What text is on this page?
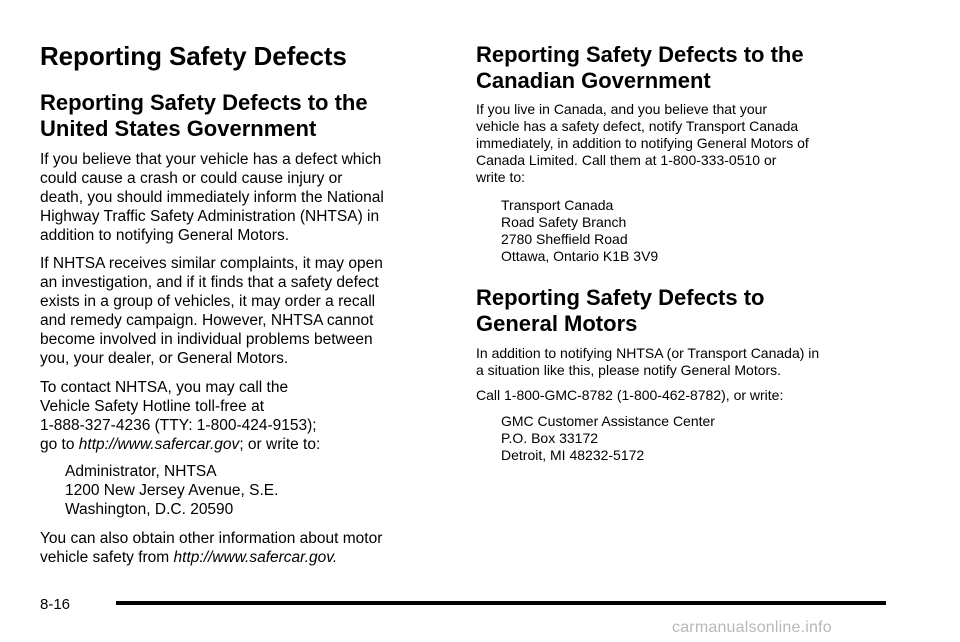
Reporting Safety Defects
Reporting Safety Defects to the
United States Government

If you believe that your vehicle has a defect which
could cause a crash or could cause injury or
death, you should immediately inform the National
Highway Traffic Safety Administration (NHTSA) in
addition to notifying General Motors.

If NHTSA receives similar complaints, it may open
an investigation, and if it finds that a safety defect
exists in a group of vehicles, it may order a recall
and remedy campaign. However, NHTSA cannot
become involved in individual problems between
you, your dealer, or General Motors.

To contact NHTSA, you may call the
Vehicle Safety Hotline toll-free at
1-888-327-4236 (TTY: 1-800-424-9153);
go to http://www.safercar.gov; or write to:

Administrator, NHTSA
1200 New Jersey Avenue, S.E.
Washington, D.C. 20590

You can also obtain other information about motor
vehicle safety from http://www.safercar.gov.

Reporting Safety Defects to the
Canadian Government

If you live in Canada, and you believe that your
vehicle has a safety defect, notify Transport Canada
immediately, in addition to notifying General Motors of
Canada Limited. Call them at 1-800-333-0510 or
write to:

Transport Canada
Road Safety Branch
2780 Sheffield Road
Ottawa, Ontario K1B 3V9
Reporting Safety Defects to
General Motors

In addition to notifying NHTSA (or Transport Canada) in
a situation like this, please notify General Motors.

Call 1-800-GMC-8782 (1-800-462-8782), or write:

GMC Customer Assistance Center
P.O. Box 33172
Detroit, MI 48232-5172
8-16
carmanualsonline.info
